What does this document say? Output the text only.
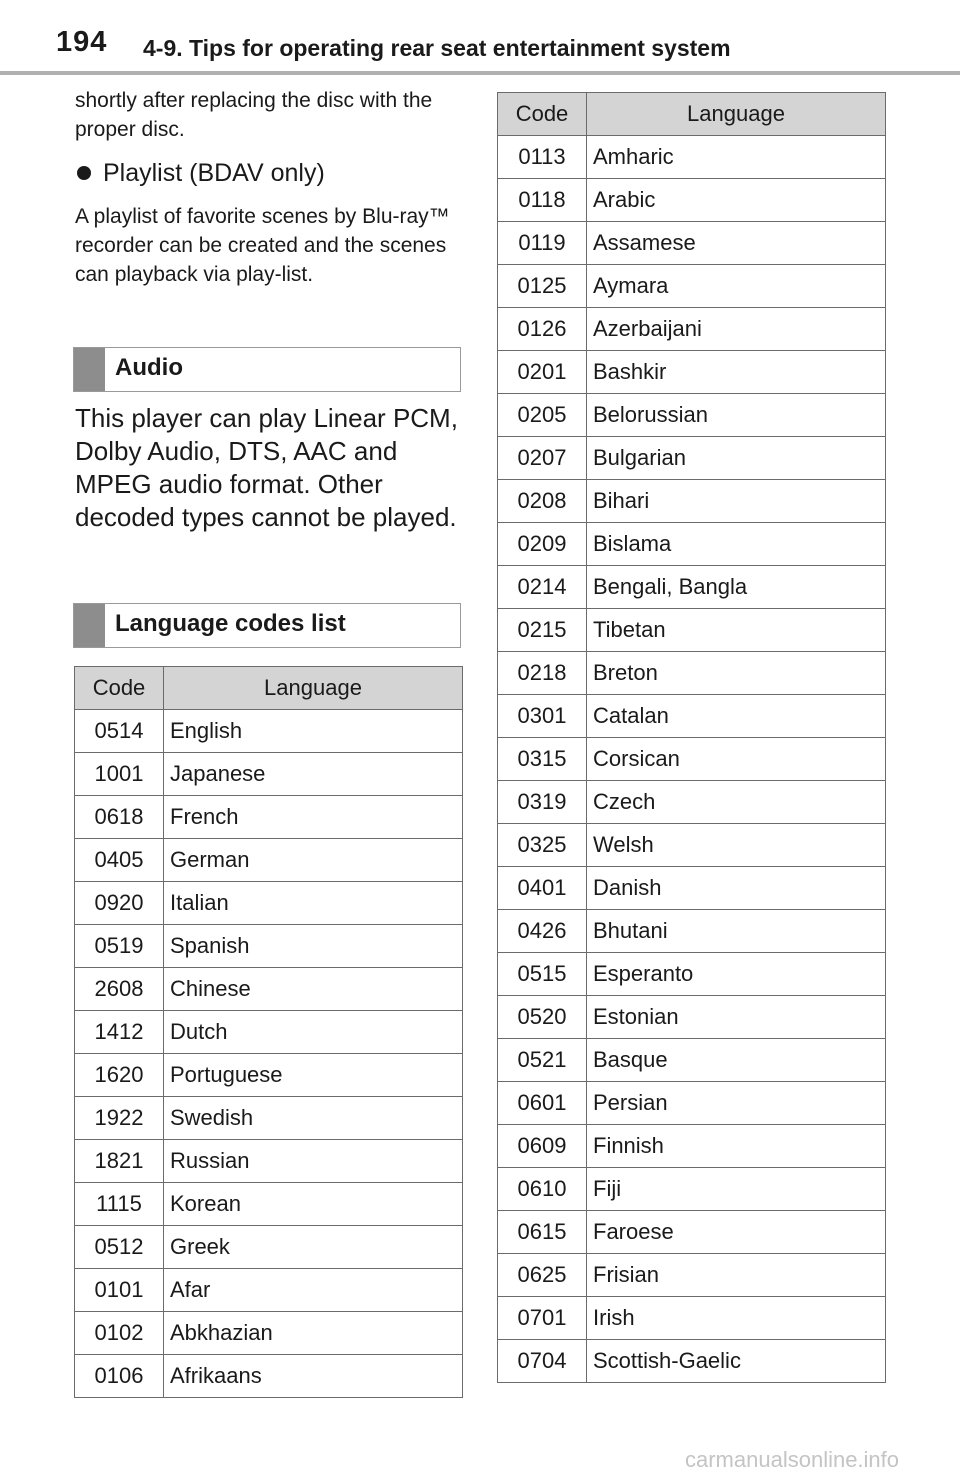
194 4-9. Tips for operating rear seat entertainment system

shortly after replacing the disc with the proper disc.

Playlist (BDAV only)

A playlist of favorite scenes by Blu-ray™ recorder can be created and the scenes can playback via play-list.

Audio

This player can play Linear PCM, Dolby Audio, DTS, AAC and MPEG audio format. Other decoded types cannot be played.

Language codes list
Code	Language
0514	English
1001	Japanese
0618	French
0405	German
0920	Italian
0519	Spanish
2608	Chinese
1412	Dutch
1620	Portuguese
1922	Swedish
1821	Russian
1115	Korean
0512	Greek
0101	Afar
0102	Abkhazian
0106	Afrikaans
Code	Language
0113	Amharic
0118	Arabic
0119	Assamese
0125	Aymara
0126	Azerbaijani
0201	Bashkir
0205	Belorussian
0207	Bulgarian
0208	Bihari
0209	Bislama
0214	Bengali, Bangla
0215	Tibetan
0218	Breton
0301	Catalan
0315	Corsican
0319	Czech
0325	Welsh
0401	Danish
0426	Bhutani
0515	Esperanto
0520	Estonian
0521	Basque
0601	Persian
0609	Finnish
0610	Fiji
0615	Faroese
0625	Frisian
0701	Irish
0704	Scottish-Gaelic
carmanualsonline.info
